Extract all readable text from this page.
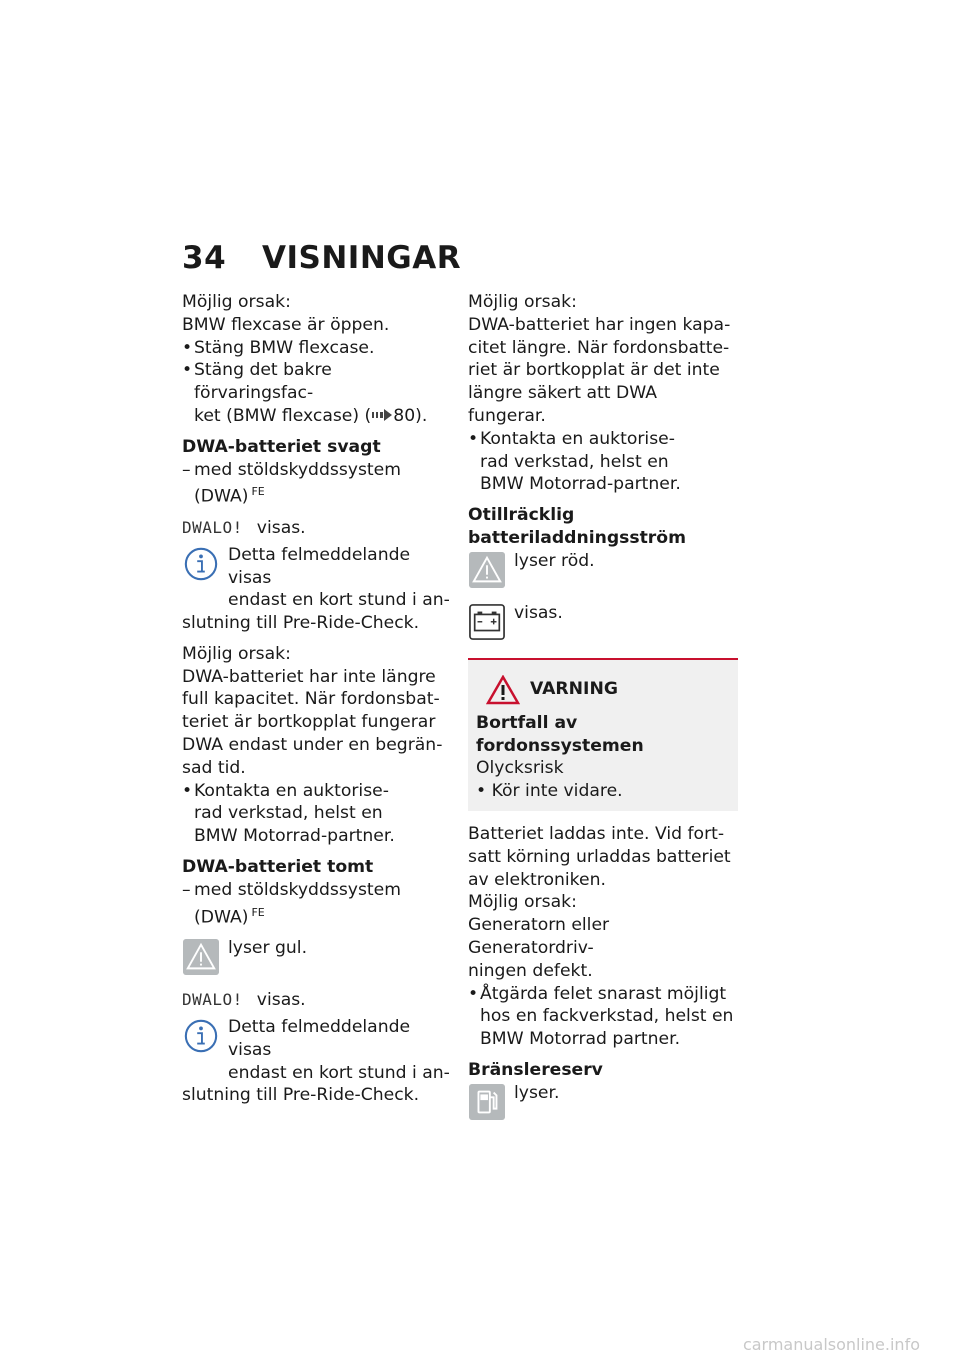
34 VISNINGAR

Möjlig orsak:

BMW flexcase är öppen.

• Stäng BMW flexcase.

• Stäng det bakre förvaringsfac-

ket (BMW flexcase) ( 80).

DWA-batteriet svagt

– med stöldskyddssystem

(DWA) $^{FE}$

DWALO! visas.

Detta felmeddelande visas

endast en kort stund i an-

slutning till Pre-Ride-Check.

Möjlig orsak:

DWA-batteriet har inte längre

full kapacitet. När fordonsbat-

teriet är bortkopplat fungerar

DWA endast under en begrän-

sad tid.

• Kontakta en auktorise-

rad verkstad, helst en

BMW Motorrad-partner.

DWA-batteriet tomt

– med stöldskyddssystem

(DWA) $^{FE}$

lyser gul.

DWALO! visas.

Detta felmeddelande visas

endast en kort stund i an-

slutning till Pre-Ride-Check.

Möjlig orsak:

DWA-batteriet har ingen kapa-

citet längre. När fordonsbatte-

riet är bortkopplat är det inte

längre säkert att DWA fungerar.

• Kontakta en auktorise-

rad verkstad, helst en

BMW Motorrad-partner.

Otillräcklig

batteriladdningsström

lyser röd.

visas.

VARNING

Bortfall av fordonssystemen

Olycksrisk

• Kör inte vidare.

Batteriet laddas inte. Vid fort-

satt körning urladdas batteriet

av elektroniken.

Möjlig orsak:

Generatorn eller Generatordriv-

ningen defekt.

• Åtgärda felet snarast möjligt

hos en fackverkstad, helst en

BMW Motorrad partner.

Bränslereserv

lyser.

carmanualsonline.info
